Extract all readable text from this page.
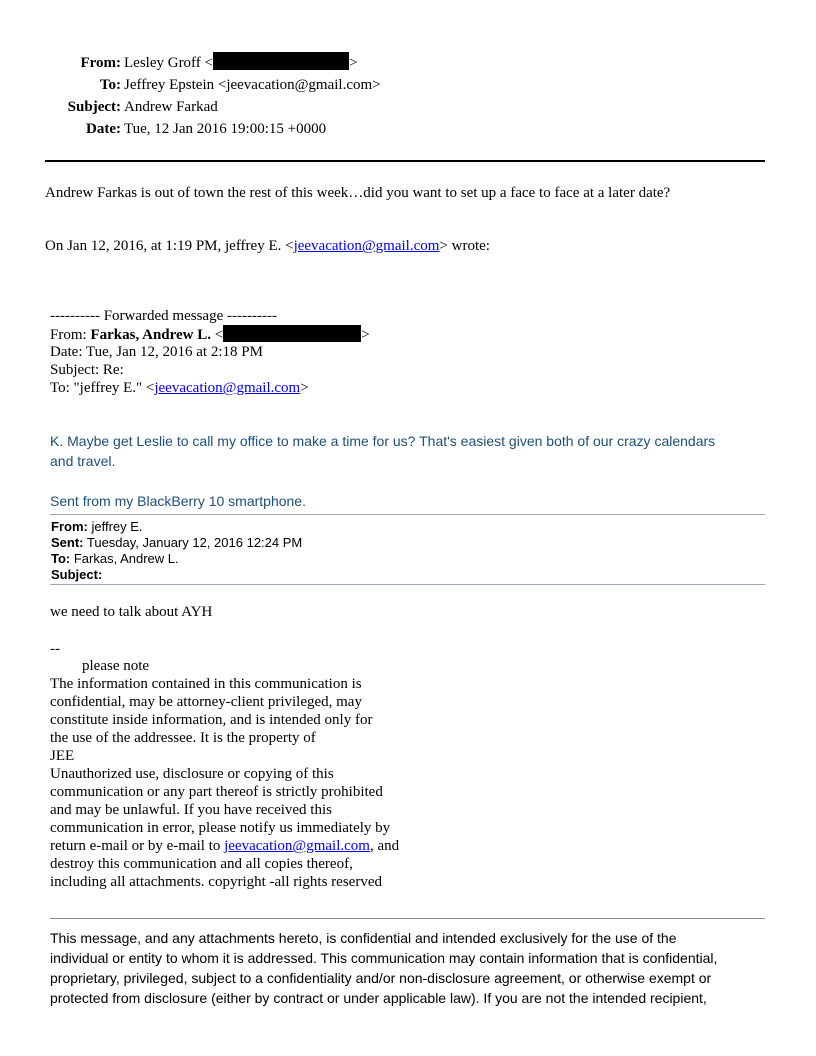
From: Lesley Groff <	>
To: Jeffrey Epstein <jeevacation@gmail.com>
Subject: Andrew Farkad
Date: Tue, 12 Jan 2016 19:00:15 +0000
Andrew Farkas is out of town the rest of this week…did you want to set up a face to face at a later date?
On Jan 12, 2016, at 1:19 PM, jeffrey E. <jeevacation@gmail.com> wrote:
---------- Forwarded message ----------
From: Farkas, Andrew L. <	>
Date: Tue, Jan 12, 2016 at 2:18 PM
Subject: Re:
To: "jeffrey E." <jeevacation@gmail.com>
K. Maybe get Leslie to call my office to make a time for us? That's easiest given both of our crazy calendars
and travel.
Sent from my BlackBerry 10 smartphone.
From: jeffrey E.
Sent: Tuesday, January 12, 2016 12:24 PM
To: Farkas, Andrew L.
Subject:
we need to talk about AYH
--
please note
The information contained in this communication is
confidential, may be attorney-client privileged, may
constitute inside information, and is intended only for
the use of the addressee. It is the property of
JEE
Unauthorized use, disclosure or copying of this
communication or any part thereof is strictly prohibited
and may be unlawful. If you have received this
communication in error, please notify us immediately by
return e-mail or by e-mail to jeevacation@gmail.com, and
destroy this communication and all copies thereof,
including all attachments. copyright -all rights reserved
This message, and any attachments hereto, is confidential and intended exclusively for the use of the
individual or entity to whom it is addressed. This communication may contain information that is confidential,
proprietary, privileged, subject to a confidentiality and/or non-disclosure agreement, or otherwise exempt or
protected from disclosure (either by contract or under applicable law). If you are not the intended recipient,
